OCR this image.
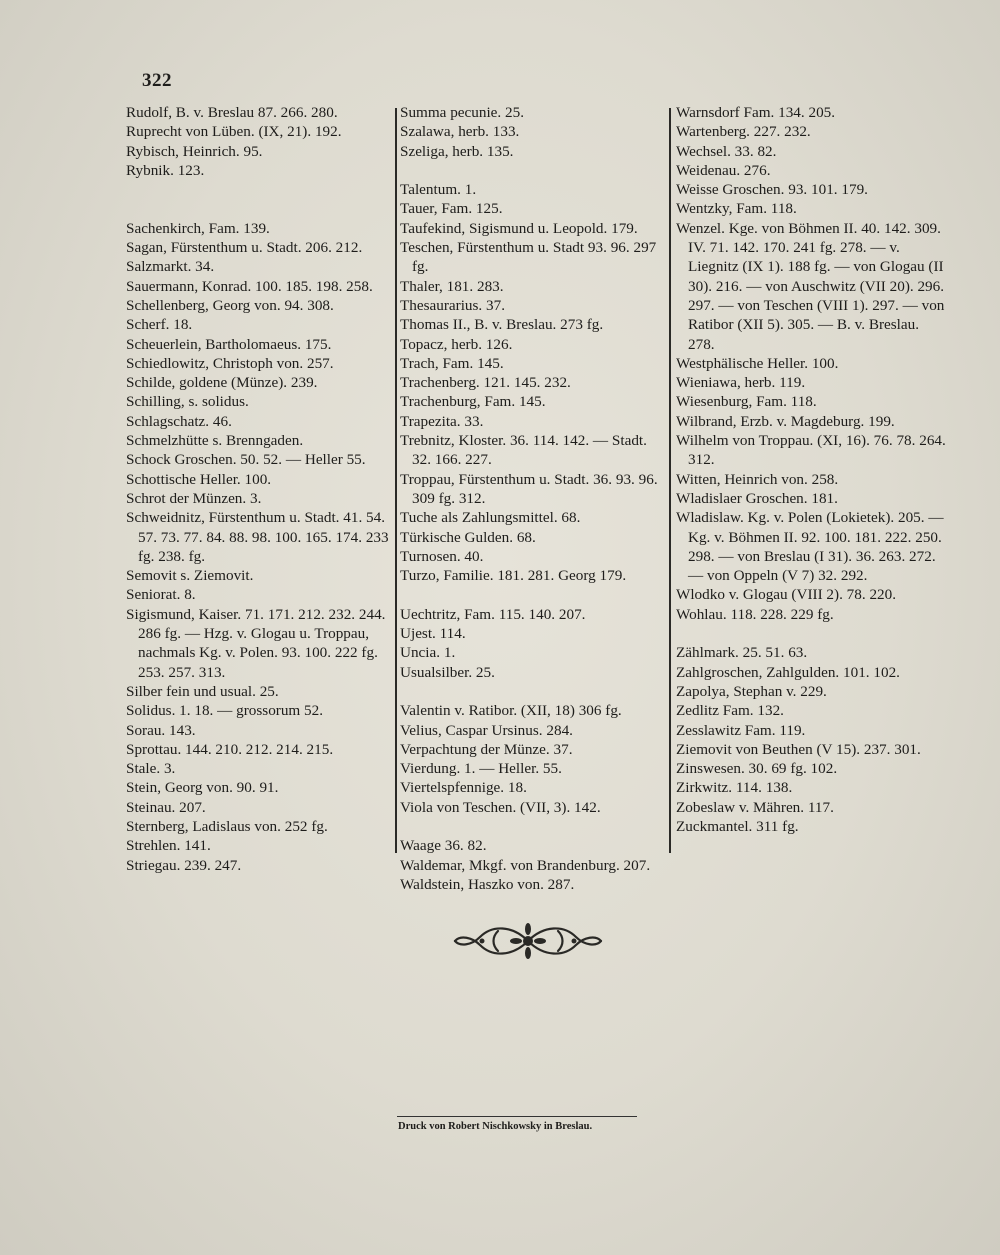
322
Rudolf, B. v. Breslau 87. 266. 280.
Ruprecht von Lüben. (IX, 21). 192.
Rybisch, Heinrich. 95.
Rybnik. 123.
Sachenkirch, Fam. 139.
Sagan, Fürstenthum u. Stadt. 206. 212.
Salzmarkt. 34.
Sauermann, Konrad. 100. 185. 198. 258.
Schellenberg, Georg von. 94. 308.
Scherf. 18.
Scheuerlein, Bartholomaeus. 175.
Schiedlowitz, Christoph von. 257.
Schilde, goldene (Münze). 239.
Schilling, s. solidus.
Schlagschatz. 46.
Schmelzhütte s. Brenngaden.
Schock Groschen. 50. 52. — Heller 55.
Schottische Heller. 100.
Schrot der Münzen. 3.
Schweidnitz, Fürstenthum u. Stadt. 41. 54. 57. 73. 77. 84. 88. 98. 100. 165. 174. 233 fg. 238. fg.
Semovit s. Ziemovit.
Seniorat. 8.
Sigismund, Kaiser. 71. 171. 212. 232. 244. 286 fg. — Hzg. v. Glogau u. Troppau, nachmals Kg. v. Polen. 93. 100. 222 fg. 253. 257. 313.
Silber fein und usual. 25.
Solidus. 1. 18. — grossorum 52.
Sorau. 143.
Sprottau. 144. 210. 212. 214. 215.
Stale. 3.
Stein, Georg von. 90. 91.
Steinau. 207.
Sternberg, Ladislaus von. 252 fg.
Strehlen. 141.
Striegau. 239. 247.
Summa pecunie. 25.
Szalawa, herb. 133.
Szeliga, herb. 135.
Talentum. 1.
Tauer, Fam. 125.
Taufekind, Sigismund u. Leopold. 179.
Teschen, Fürstenthum u. Stadt 93. 96. 297 fg.
Thaler, 181. 283.
Thesaurarius. 37.
Thomas II., B. v. Breslau. 273 fg.
Topacz, herb. 126.
Trach, Fam. 145.
Trachenberg. 121. 145. 232.
Trachenburg, Fam. 145.
Trapezita. 33.
Trebnitz, Kloster. 36. 114. 142. — Stadt. 32. 166. 227.
Troppau, Fürstenthum u. Stadt. 36. 93. 96. 309 fg. 312.
Tuche als Zahlungsmittel. 68.
Türkische Gulden. 68.
Turnosen. 40.
Turzo, Familie. 181. 281. Georg 179.
Uechtritz, Fam. 115. 140. 207.
Ujest. 114.
Uncia. 1.
Usualsilber. 25.
Valentin v. Ratibor. (XII, 18) 306 fg.
Velius, Caspar Ursinus. 284.
Verpachtung der Münze. 37.
Vierdung. 1. — Heller. 55.
Viertelspfennige. 18.
Viola von Teschen. (VII, 3). 142.
Waage 36. 82.
Waldemar, Mkgf. von Brandenburg. 207.
Waldstein, Haszko von. 287.
Warnsdorf Fam. 134. 205.
Wartenberg. 227. 232.
Wechsel. 33. 82.
Weidenau. 276.
Weisse Groschen. 93. 101. 179.
Wentzky, Fam. 118.
Wenzel. Kge. von Böhmen II. 40. 142. 309. IV. 71. 142. 170. 241 fg. 278. — v. Liegnitz (IX 1). 188 fg. — von Glogau (II 30). 216. — von Auschwitz (VII 20). 296. 297. — von Teschen (VIII 1). 297. — von Ratibor (XII 5). 305. — B. v. Breslau. 278.
Westphälische Heller. 100.
Wieniawa, herb. 119.
Wiesenburg, Fam. 118.
Wilbrand, Erzb. v. Magdeburg. 199.
Wilhelm von Troppau. (XI, 16). 76. 78. 264. 312.
Witten, Heinrich von. 258.
Wladislaer Groschen. 181.
Wladislaw. Kg. v. Polen (Lokietek). 205. — Kg. v. Böhmen II. 92. 100. 181. 222. 250. 298. — von Breslau (I 31). 36. 263. 272. — von Oppeln (V 7) 32. 292.
Wlodko v. Glogau (VIII 2). 78. 220.
Wohlau. 118. 228. 229 fg.
Zählmark. 25. 51. 63.
Zahlgroschen, Zahlgulden. 101. 102.
Zapolya, Stephan v. 229.
Zedlitz Fam. 132.
Zesslawitz Fam. 119.
Ziemovit von Beuthen (V 15). 237. 301.
Zinswesen. 30. 69 fg. 102.
Zirkwitz. 114. 138.
Zobeslaw v. Mähren. 117.
Zuckmantel. 311 fg.
Druck von Robert Nischkowsky in Breslau.
